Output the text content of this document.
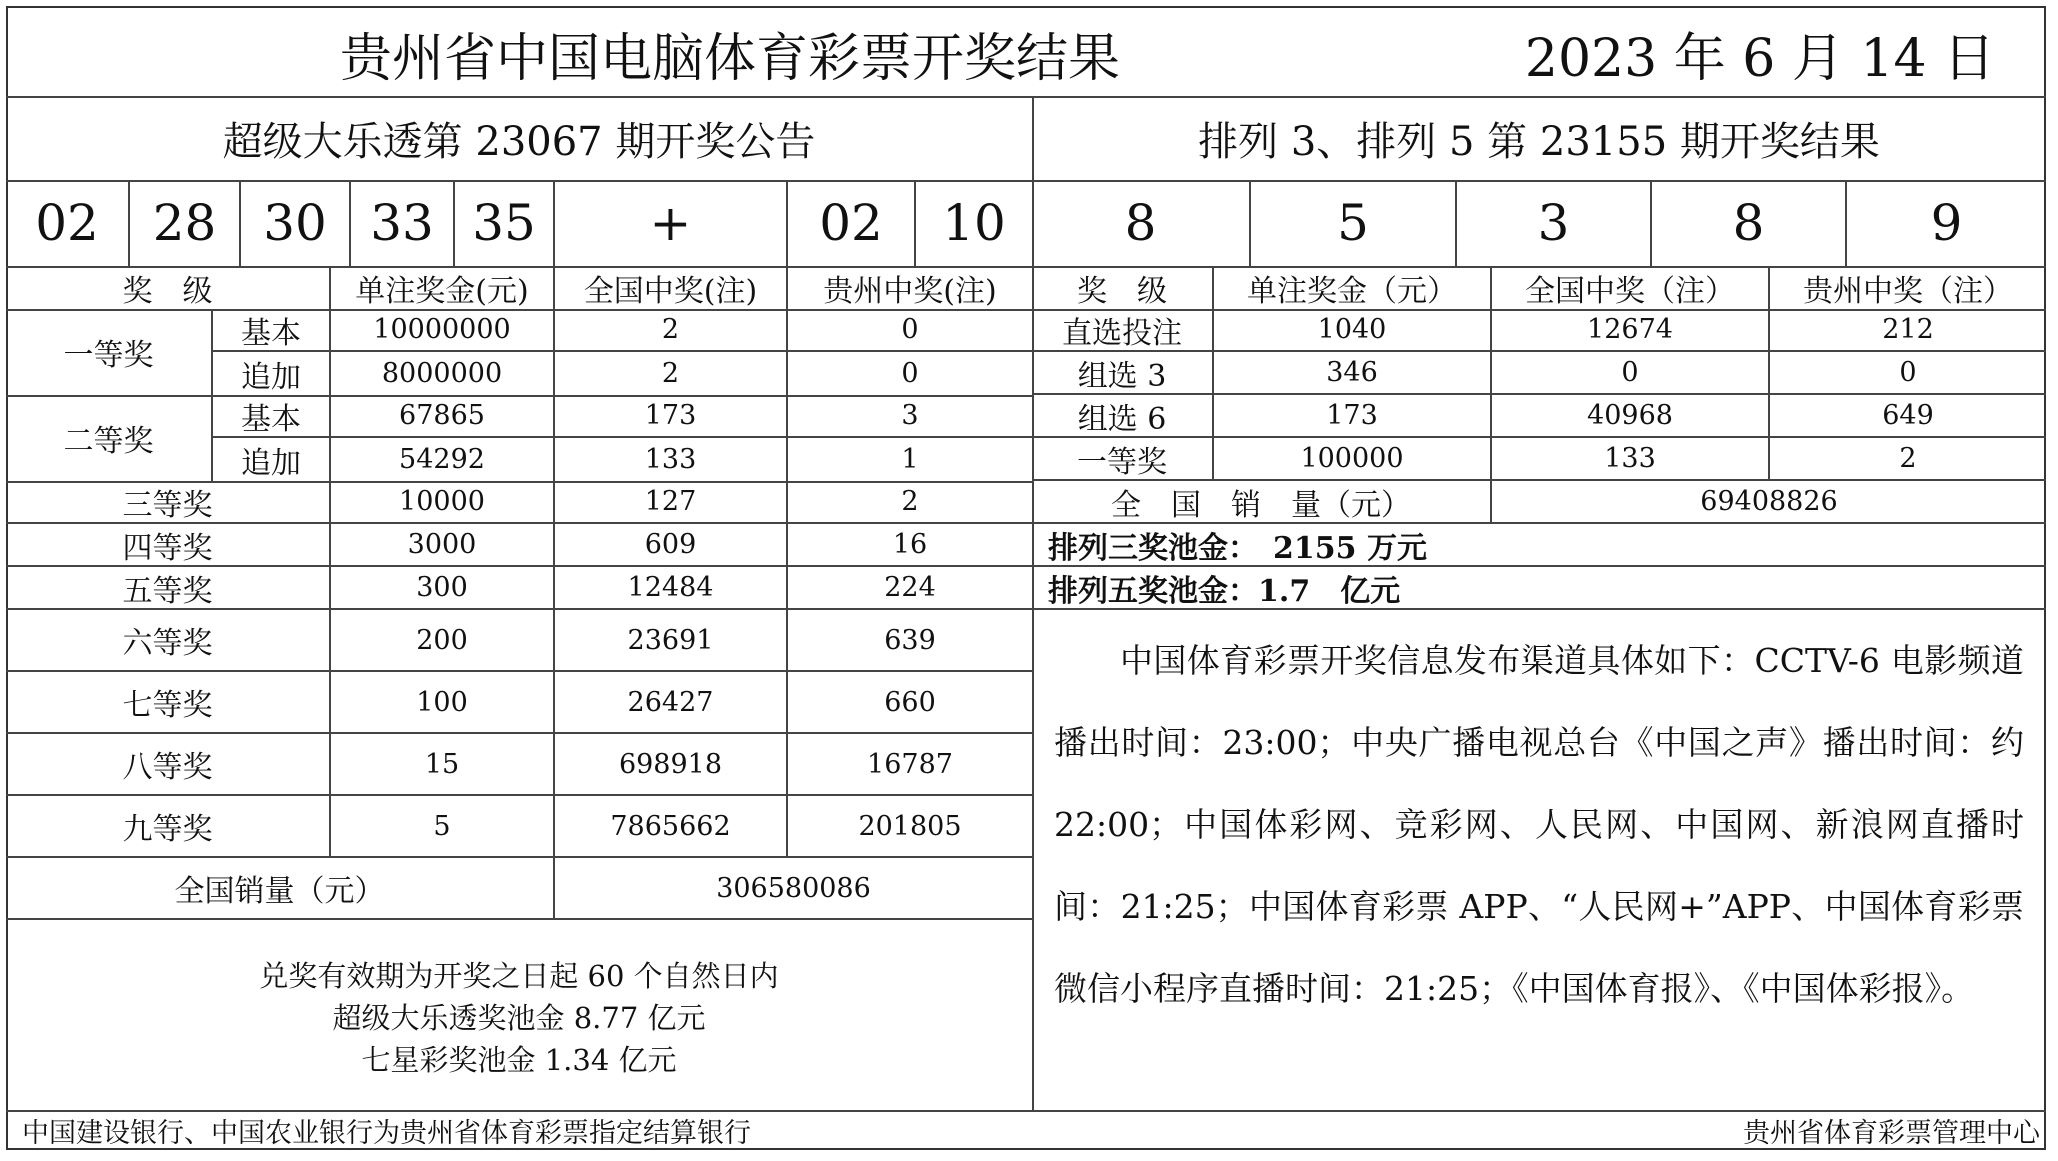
贵州省中国电脑体育彩票开奖结果	2023 年 6 月 14 日
超级大乐透第 23067 期开奖公告	排列 3、排列 5 第 23155 期开奖结果
02	28 30 33 35	+	02	10	8	5	3	8	9
奖　级	单注奖金(元)	全国中奖(注)	贵州中奖(注)	奖　级	单注奖金（元）	全国中奖（注）	贵州中奖（注）
一等奖
基本	10000000	2	0
追加	8000000	2	0
二等奖
基本	67865	173	3
追加	54292	133	1
直选投注	1040	12674	212
组选 3	346	0	0
组选 6	173	40968	649
一等奖	100000	133	2
全　国　销　量（元）	69408826
排列三奖池金：　2155 万元
排列五奖池金：1.7　亿元
中国体育彩票开奖信息发布渠道具体如下：CCTV-6 电影频道播出时间：23:00；中央广播电视总台《中国之声》播出时间：约 22:00；中国体彩网、竞彩网、人民网、中国网、新浪网直播时间：21:25；中国体育彩票 APP、“人民网+”APP、中国体育彩票微信小程序直播时间：21:25；《中国体育报》、《中国体彩报》。
三等奖	10000	127	2
四等奖	3000	609	16
五等奖	300	12484	224
六等奖	200	23691	639
七等奖	100	26427	660
八等奖	15	698918	16787
九等奖	5	7865662	201805
全国销量（元）	306580086
兑奖有效期为开奖之日起 60 个自然日内
超级大乐透奖池金 8.77 亿元
七星彩奖池金 1.34 亿元
中国建设银行、中国农业银行为贵州省体育彩票指定结算银行	贵州省体育彩票管理中心
